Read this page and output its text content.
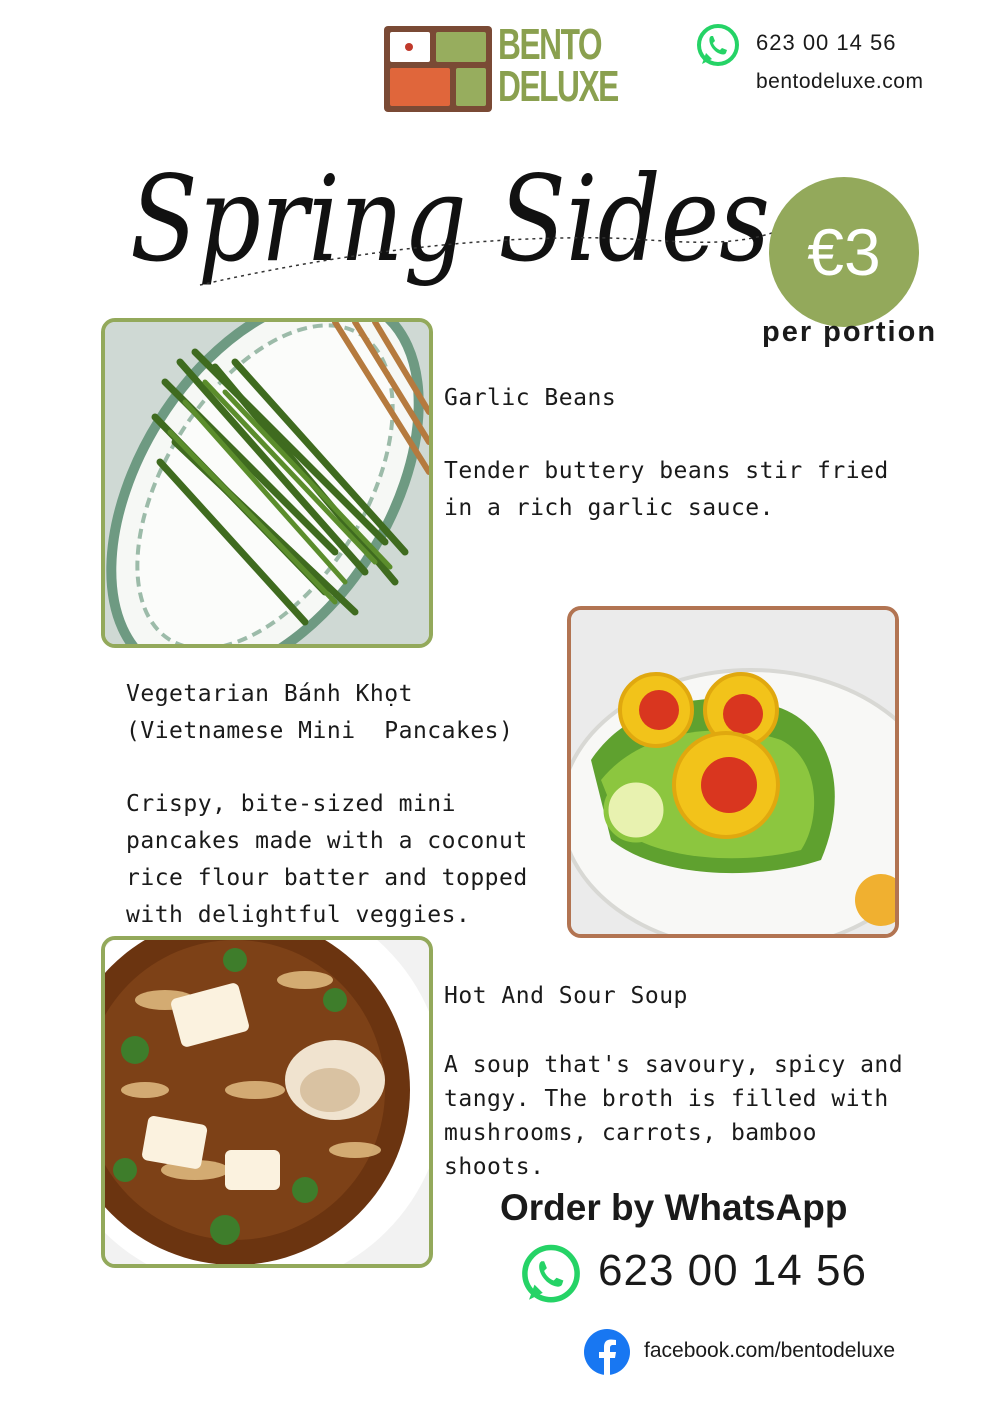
BENTO
DELUXE
623 00 14 56
bentodeluxe.com
Spring Sides €3
per portion
Garlic Beans
Tender buttery beans stir fried
in a rich garlic sauce.
Vegetarian Bánh Khọt
(Vietnamese Mini  Pancakes)
Crispy, bite-sized mini
pancakes made with a coconut
rice flour batter and topped
with delightful veggies.
Hot And Sour Soup
A soup that's savoury, spicy and
tangy. The broth is filled with
mushrooms, carrots, bamboo
shoots.
Order by WhatsApp
623 00 14 56
facebook.com/bentodeluxe
